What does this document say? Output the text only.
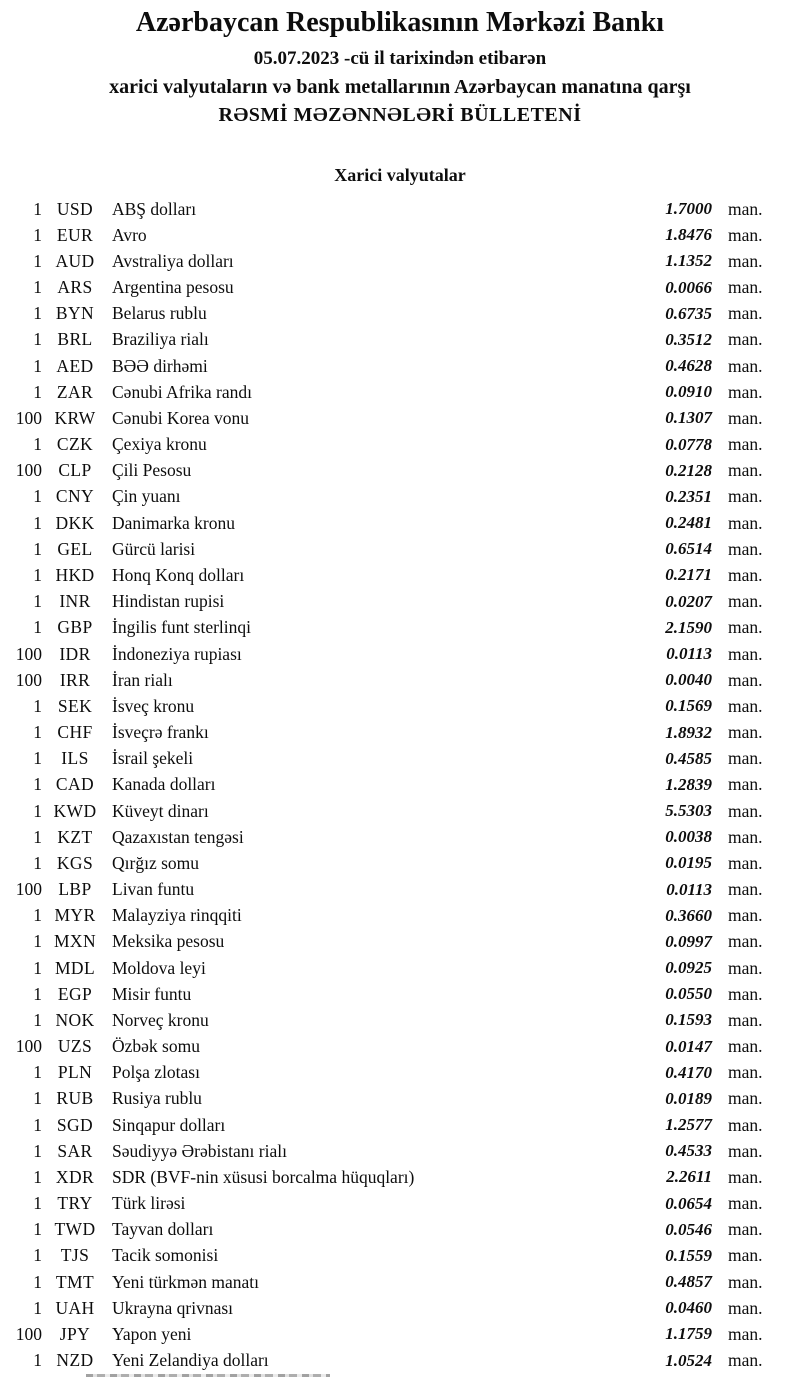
Azərbaycan Respublikasının Mərkəzi Bankı
05.07.2023 -cü il tarixindən etibarən
xarici valyutaların və bank metallarının Azərbaycan manatına qarşı
RƏSMİ MƏZƏNNƏLƏRİ BÜLLETENİ
Xarici valyutalar
1 USD	ABŞ dolları	1.7000 man.
1 EUR	Avro	1.8476 man.
1 AUD Avstraliya dolları	1.1352 man.
1 ARS	Argentina pesosu	0.0066 man.
1 BYN	Belarus rublu	0.6735 man.
1 BRL	Braziliya rialı	0.3512 man.
1 AED	BƏƏ dirhəmi	0.4628 man.
1 ZAR	Cənubi Afrika randı	0.0910 man.
100 KRW Cənubi Korea vonu	0.1307 man.
1 CZK	Çexiya kronu	0.0778 man.
100 CLP	Çili Pesosu	0.2128 man.
1 CNY	Çin yuanı	0.2351 man.
1 DKK Danimarka kronu	0.2481 man.
1 GEL	Gürcü larisi	0.6514 man.
1 HKD Honq Konq dolları	0.2171 man.
1 INR	Hindistan rupisi	0.0207 man.
1 GBP	İngilis funt sterlinqi	2.1590 man.
100 IDR	İndoneziya rupiası	0.0113 man.
100	IRR	İran rialı	0.0040 man.
1 SEK	İsveç kronu	0.1569 man.
1 CHF	İsveçrə frankı	1.8932 man.
1	ILS	İsrail şekeli	0.4585 man.
1 CAD	Kanada dolları	1.2839 man.
1 KWD Küveyt dinarı	5.5303 man.
1 KZT	Qazaxıstan tengəsi	0.0038 man.
1 KGS	Qırğız somu	0.0195 man.
100 LBP	Livan funtu	0.0113 man.
1 MYR Malayziya rinqqiti	0.3660 man.
1 MXN Meksika pesosu	0.0997 man.
1 MDL Moldova leyi	0.0925 man.
1 EGP	Misir funtu	0.0550 man.
1 NOK Norveç kronu	0.1593 man.
100 UZS	Özbək somu	0.0147 man.
1 PLN	Polşa zlotası	0.4170 man.
1 RUB	Rusiya rublu	0.0189 man.
1 SGD	Sinqapur dolları	1.2577 man.
1 SAR	Səudiyyə Ərəbistanı rialı	0.4533 man.
1 XDR	SDR (BVF-nin xüsusi borcalma hüquqları)	2.2611 man.
1 TRY	Türk lirəsi	0.0654 man.
1 TWD Tayvan dolları	0.0546 man.
1	TJS	Tacik somonisi	0.1559 man.
1 TMT	Yeni türkmən manatı	0.4857 man.
1 UAH Ukrayna qrivnası	0.0460 man.
100	JPY	Yapon yeni	1.1759 man.
1 NZD	Yeni Zelandiya dolları	1.0524 man.
